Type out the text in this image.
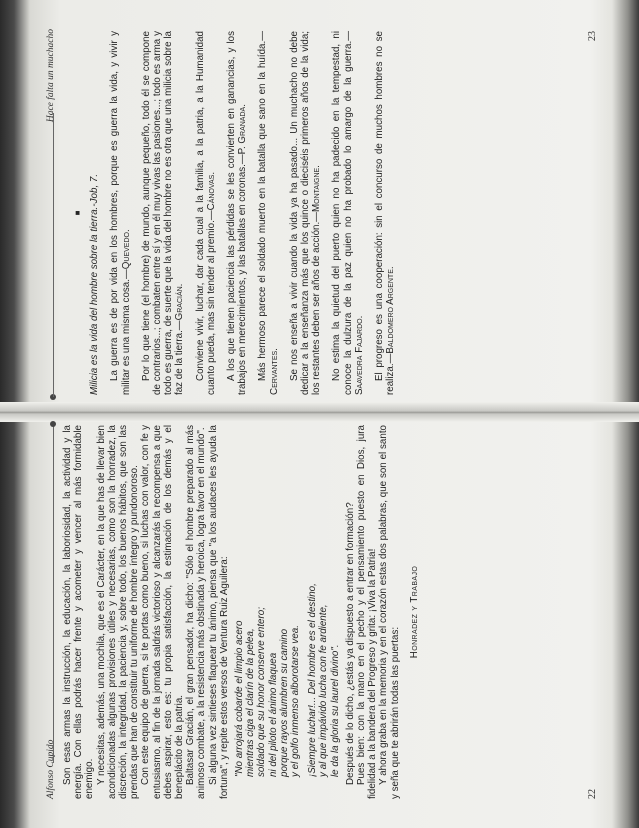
Alfonso Cupido Son esas armas la instrucción, la educación, la laboriosidad, la actividad y la energía. Con ellas podrás hacer frente y acometer y vencer al más formidable enemigo. Y necesitas, además, una mochila, que es el Carácter, en la que has de llevar bien acondicionadas algunas provisiones útiles y necesarias, como son la honradez, la discreción, la integridad, la paciencia y, sobre todo, los buenos hábitos, que son las prendas que han de constituir tu uniforme de hombre íntegro y pundonoroso. Con este equipo de guerra, si te portas como bueno, si luchas con valor, con fe y entusiasmo, al fin de la jornada saldrás victorioso y alcanzarás la recompensa a que debes aspirar, esto es: tu propia satisfacción, la estimación de los demás y el beneplácito de la patria. Baltasar Gracián, el gran pensador, ha dicho: "Sólo el hombre preparado al más animoso combate, a la resistencia más obstinada y heroica, logra favor en el mundo". Si alguna vez sintieses flaquear tu ánimo, piensa que "a los audaces les ayuda la fortuna", y repite estos versos de Ventura Ruiz Aguilera: "No arrojará cobarde el limpio acero mientras ciga el clarín de la pelea, soldado que su honor conserve entero; ni del piloto el ánimo flaquea porque rayos alumbren su camino y el golfo inmenso alborotarse vea. ¡Siempre luchar!... Del hombre es el destino, y al que impávido lucha con fe ardiente, le da la gloria su laurel divino". Después de lo dicho, ¿estás ya dispuesto a entrar en formación? Pues bien: con la mano en el pecho y el pensamiento puesto en Dios, jura fidelidad a la bandera del Progreso y grita: ¡Viva la Patria! Y ahora graba en la memoria y en el corazón estas dos palabras, que son el santo y seña que te abrirán todas las puertas:

Honradez y Trabajo
22
Hace falta un muchacho
■ Milicia es la vida del hombre sobre la tierra.-Job, 7. La guerra es de por vida en los hombres, porque es guerra la vida, y vivir y militar es una misma cosa.—Quevedo. Por lo que tiene (el hombre) de mundo, aunque pequeño, todo él se compone de contrarios...; combaten entre sí y en él muy vivas las pasiones...; todo es arma y todo es guerra, de suerte que la vida del hombre no es otra que una milicia sobre la faz de la tierra.—Gracián. Conviene vivir, luchar, dar cada cual a la familia, a la patria, a la Humanidad cuanto pueda, mas sin tender al premio.—Cánovas. A los que tienen paciencia las pérdidas se les convierten en ganancias, y los trabajos en merecimientos, y las batallas en coronas.—P. Granada. Más hermoso parece el soldado muerto en la batalla que sano en la huída.—Cervantes. Se nos enseña a vivir cuando la vida ya ha pasado... Un muchacho no debe dedicar a la enseñanza más que los quince o dieciséis primeros años de la vida; los restantes deben ser años de acción.—Montaigne. No estima la quietud del puerto quien no ha padecido en la tempestad, ni conoce la dulzura de la paz quien no ha probado lo amargo de la guerra.—Saavedra Fajardo. El progreso es una cooperación: sin el concurso de muchos hombres no se realiza.—Baldomero Argente.

23
